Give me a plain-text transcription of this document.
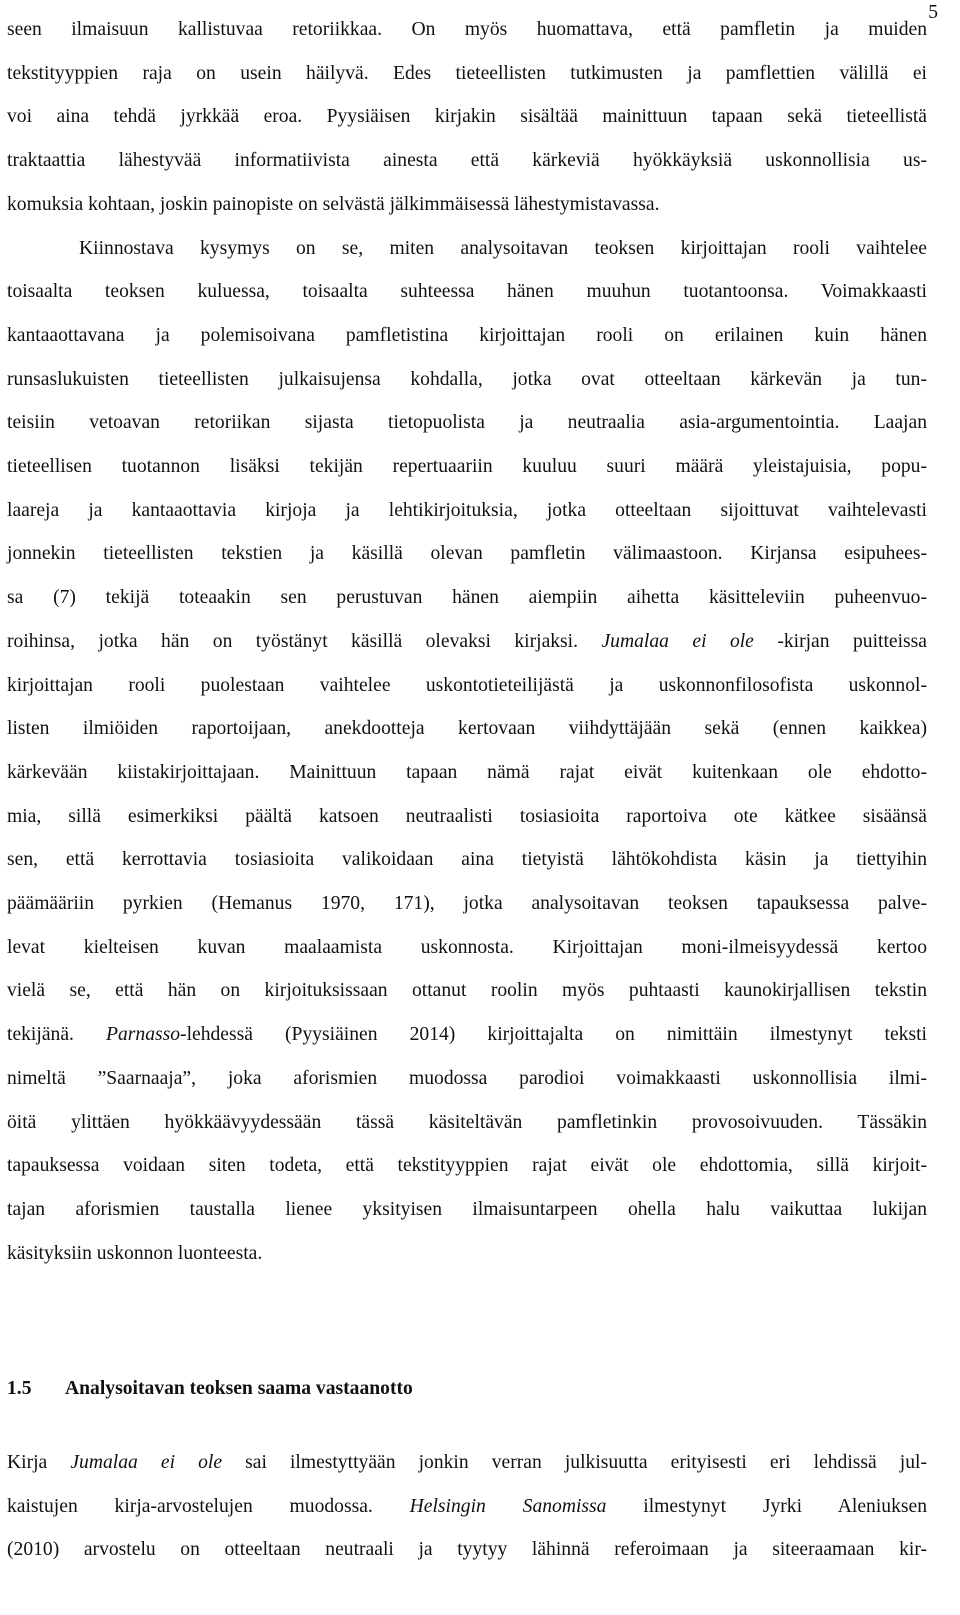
5
seen ilmaisuun kallistuvaa retoriikkaa. On myös huomattava, että pamfletin ja muiden
tekstityyppien raja on usein häilyvä. Edes tieteellisten tutkimusten ja pamflettien välillä ei
voi aina tehdä jyrkkää eroa. Pyysiäisen kirjakin sisältää mainittuun tapaan sekä tieteellistä
traktaattia lähestyvää informatiivista ainesta että kärkeviä hyökkäyksiä uskonnollisia us-
komuksia kohtaan, joskin painopiste on selvästä jälkimmäisessä lähestymistavassa.
Kiinnostava kysymys on se, miten analysoitavan teoksen kirjoittajan rooli vaihtelee
toisaalta teoksen kuluessa, toisaalta suhteessa hänen muuhun tuotantoonsa. Voimakkaasti
kantaaottavana ja polemisoivana pamfletistina kirjoittajan rooli on erilainen kuin hänen
runsaslukuisten tieteellisten julkaisujensa kohdalla, jotka ovat otteeltaan kärkevän ja tun-
teisiin vetoavan retoriikan sijasta tietopuolista ja neutraalia asia-argumentointia. Laajan
tieteellisen tuotannon lisäksi tekijän repertuaariin kuuluu suuri määrä yleistajuisia, popu-
laareja ja kantaaottavia kirjoja ja lehtikirjoituksia, jotka otteeltaan sijoittuvat vaihtelevasti
jonnekin tieteellisten tekstien ja käsillä olevan pamfletin välimaastoon. Kirjansa esipuhees-
sa (7) tekijä toteaakin sen perustuvan hänen aiempiin aihetta käsitteleviin puheenvuo-
roihinsa, jotka hän on työstänyt käsillä olevaksi kirjaksi. Jumalaa ei ole -kirjan puitteissa
kirjoittajan rooli puolestaan vaihtelee uskontotieteilijästä ja uskonnonfilosofista uskonnol-
listen ilmiöiden raportoijaan, anekdootteja kertovaan viihdyttäjään sekä (ennen kaikkea)
kärkevään kiistakirjoittajaan. Mainittuun tapaan nämä rajat eivät kuitenkaan ole ehdotto-
mia, sillä esimerkiksi päältä katsoen neutraalisti tosiasioita raportoiva ote kätkee sisäänsä
sen, että kerrottavia tosiasioita valikoidaan aina tietyistä lähtökohdista käsin ja tiettyihin
päämääriin pyrkien (Hemanus 1970, 171), jotka analysoitavan teoksen tapauksessa palve-
levat kielteisen kuvan maalaamista uskonnosta. Kirjoittajan moni-ilmeisyydessä kertoo
vielä se, että hän on kirjoituksissaan ottanut roolin myös puhtaasti kaunokirjallisen tekstin
tekijänä. Parnasso-lehdessä (Pyysiäinen 2014) kirjoittajalta on nimittäin ilmestynyt teksti
nimeltä ”Saarnaaja”, joka aforismien muodossa parodioi voimakkaasti uskonnollisia ilmi-
öitä ylittäen hyökkäävyydessään tässä käsiteltävän pamfletinkin provosoivuuden. Tässäkin
tapauksessa voidaan siten todeta, että tekstityyppien rajat eivät ole ehdottomia, sillä kirjoit-
tajan aforismien taustalla lienee yksityisen ilmaisuntarpeen ohella halu vaikuttaa lukijan
käsityksiin uskonnon luonteesta.
1.5 Analysoitavan teoksen saama vastaanotto
Kirja Jumalaa ei ole sai ilmestyttyään jonkin verran julkisuutta erityisesti eri lehdissä jul-
kaistujen kirja-arvostelujen muodossa. Helsingin Sanomissa ilmestynyt Jyrki Aleniuksen
(2010) arvostelu on otteeltaan neutraali ja tyytyy lähinnä referoimaan ja siteeraamaan kir-
